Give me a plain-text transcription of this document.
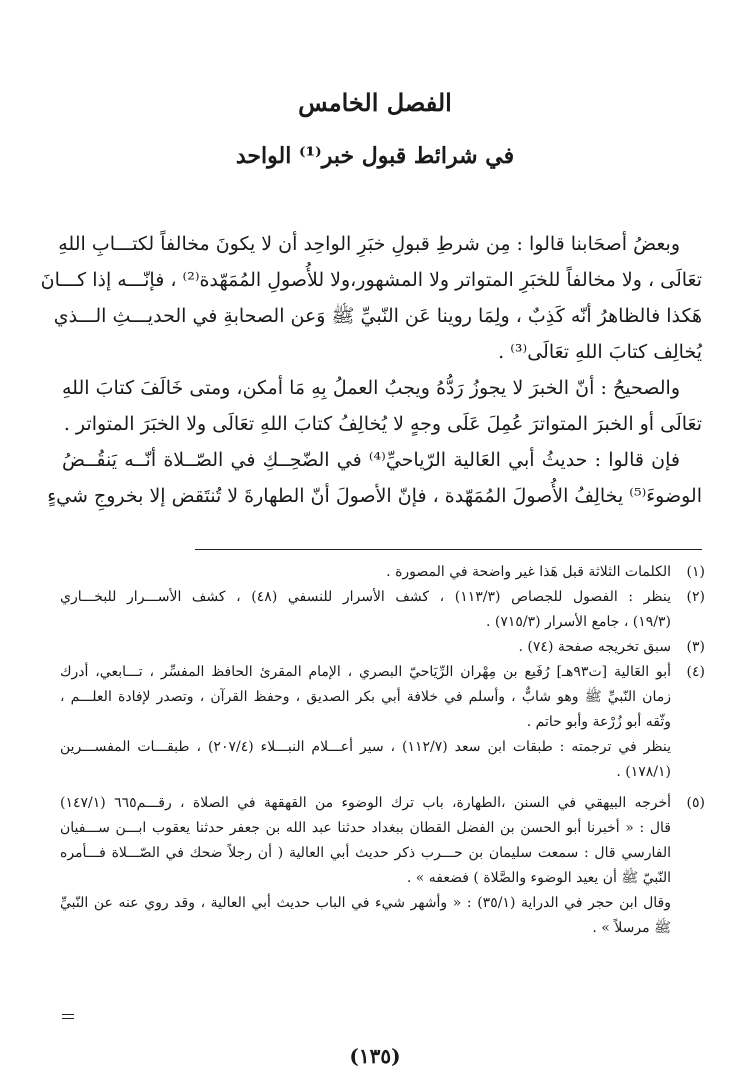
الفصل الخامس
في شرائط قبول خبر⁽¹⁾ الواحد
وبعضُ أصحَابنا قالوا : مِن شرطِ قبولِ خبَرِ الواحِد أن لا يكونَ مخالفاً لكتـــابِ اللهِ
تعَالَى ، ولا مخالفاً للخبَرِ المتواتر ولا المشهور،ولا للأُصولِ المُمَهّدة⁽²⁾ ، فإنّـــه إذا كـــانَ
هَكذا فالظاهرُ أنّه كَذِبٌ ، ولِمَا روينا عَن النّبيِّ ﷺ وَعن الصحابةِ في الحديـــثِ الـــذي
يُخالِف كتابَ اللهِ تعَالَى⁽³⁾ .
والصحيحُ : أنّ الخبرَ لا يجوزُ رَدُّهُ ويجبُ العملُ بِهِ مَا أمكن، ومتى خَالَفَ كتابَ اللهِ
تعَالَى أو الخبرَ المتواترَ عُمِلَ عَلَى وجهٍ لا يُخالِفُ كتابَ اللهِ تعَالَى ولا الخبَرَ المتواتر .
فإن قالوا : حديثُ أبي العَالية الرّياحيِّ⁽⁴⁾ في الضّحِــكِ في الصّــلاة أنّــه يَنقُــضُ
الوضوءَ⁽⁵⁾ يخالِفُ الأُصولَ المُمَهّدة ، فإنّ الأصولَ أنّ الطهارةَ لا تُنتَقض إلا بخروجِ شيءٍ
(١)
الكلمات الثلاثة قبل هَذا غير واضحة في المصورة .
(٢)
ينظر : الفصول للجصاص (١١٣/٣) ، كشف الأسرار للنسفي (٤٨) ، كشف الأســـرار للبخـــاري
(١٩/٣) ، جامع الأسرار (٧١٥/٣) .
(٣)
سبق تخريجه صفحة (٧٤) .
(٤)
أبو العَالية [ت٩٣هـ] رُفَيع بن مِهْران الرِّيَاحيّ البصري ، الإمام المقرئ الحافظ المفسِّر ، تـــابعي، أدرك
زمان النّبيِّ ﷺ وهو شابٌّ ، وأسلم في خلافة أبي بكر الصديق ، وحفظ القرآن ، وتصدر لإفادة العلـــم ،
وثّقه أبو زُرْعة وأبو حاتم .
ينظر في ترجمته : طبقات ابن سعد (١١٢/٧) ، سير أعـــلام النبـــلاء (٢٠٧/٤) ، طبقـــات المفســـرين
(١٧٨/١) .
(٥)
أخرجه البيهقي في السنن ،الطهارة، باب ترك الوضوء من القهقهة في الصلاة ، رقـــم٦٦٥ (١٤٧/١)
قال : « أخبرنا أبو الحسن بن الفضل القطان ببغداد حدثنا عبد الله بن جعفر حدثنا يعقوب ابـــن ســـفيان
الفارسي قال : سمعت سليمان بن حـــرب ذكر حديث أبي العالية ( أن رجلاً ضحك في الصّـــلاة فـــأمره
النّبيّ ﷺ أن يعيد الوضوء والصَّلاة ) فضعفه » .
وقال ابن حجر في الدراية (٣٥/١) : « وأشهر شيء في الباب حديث أبي العالية ، وقد روي عنه عن النّبيِّ
ﷺ مرسلاً » .
(١٣٥)
